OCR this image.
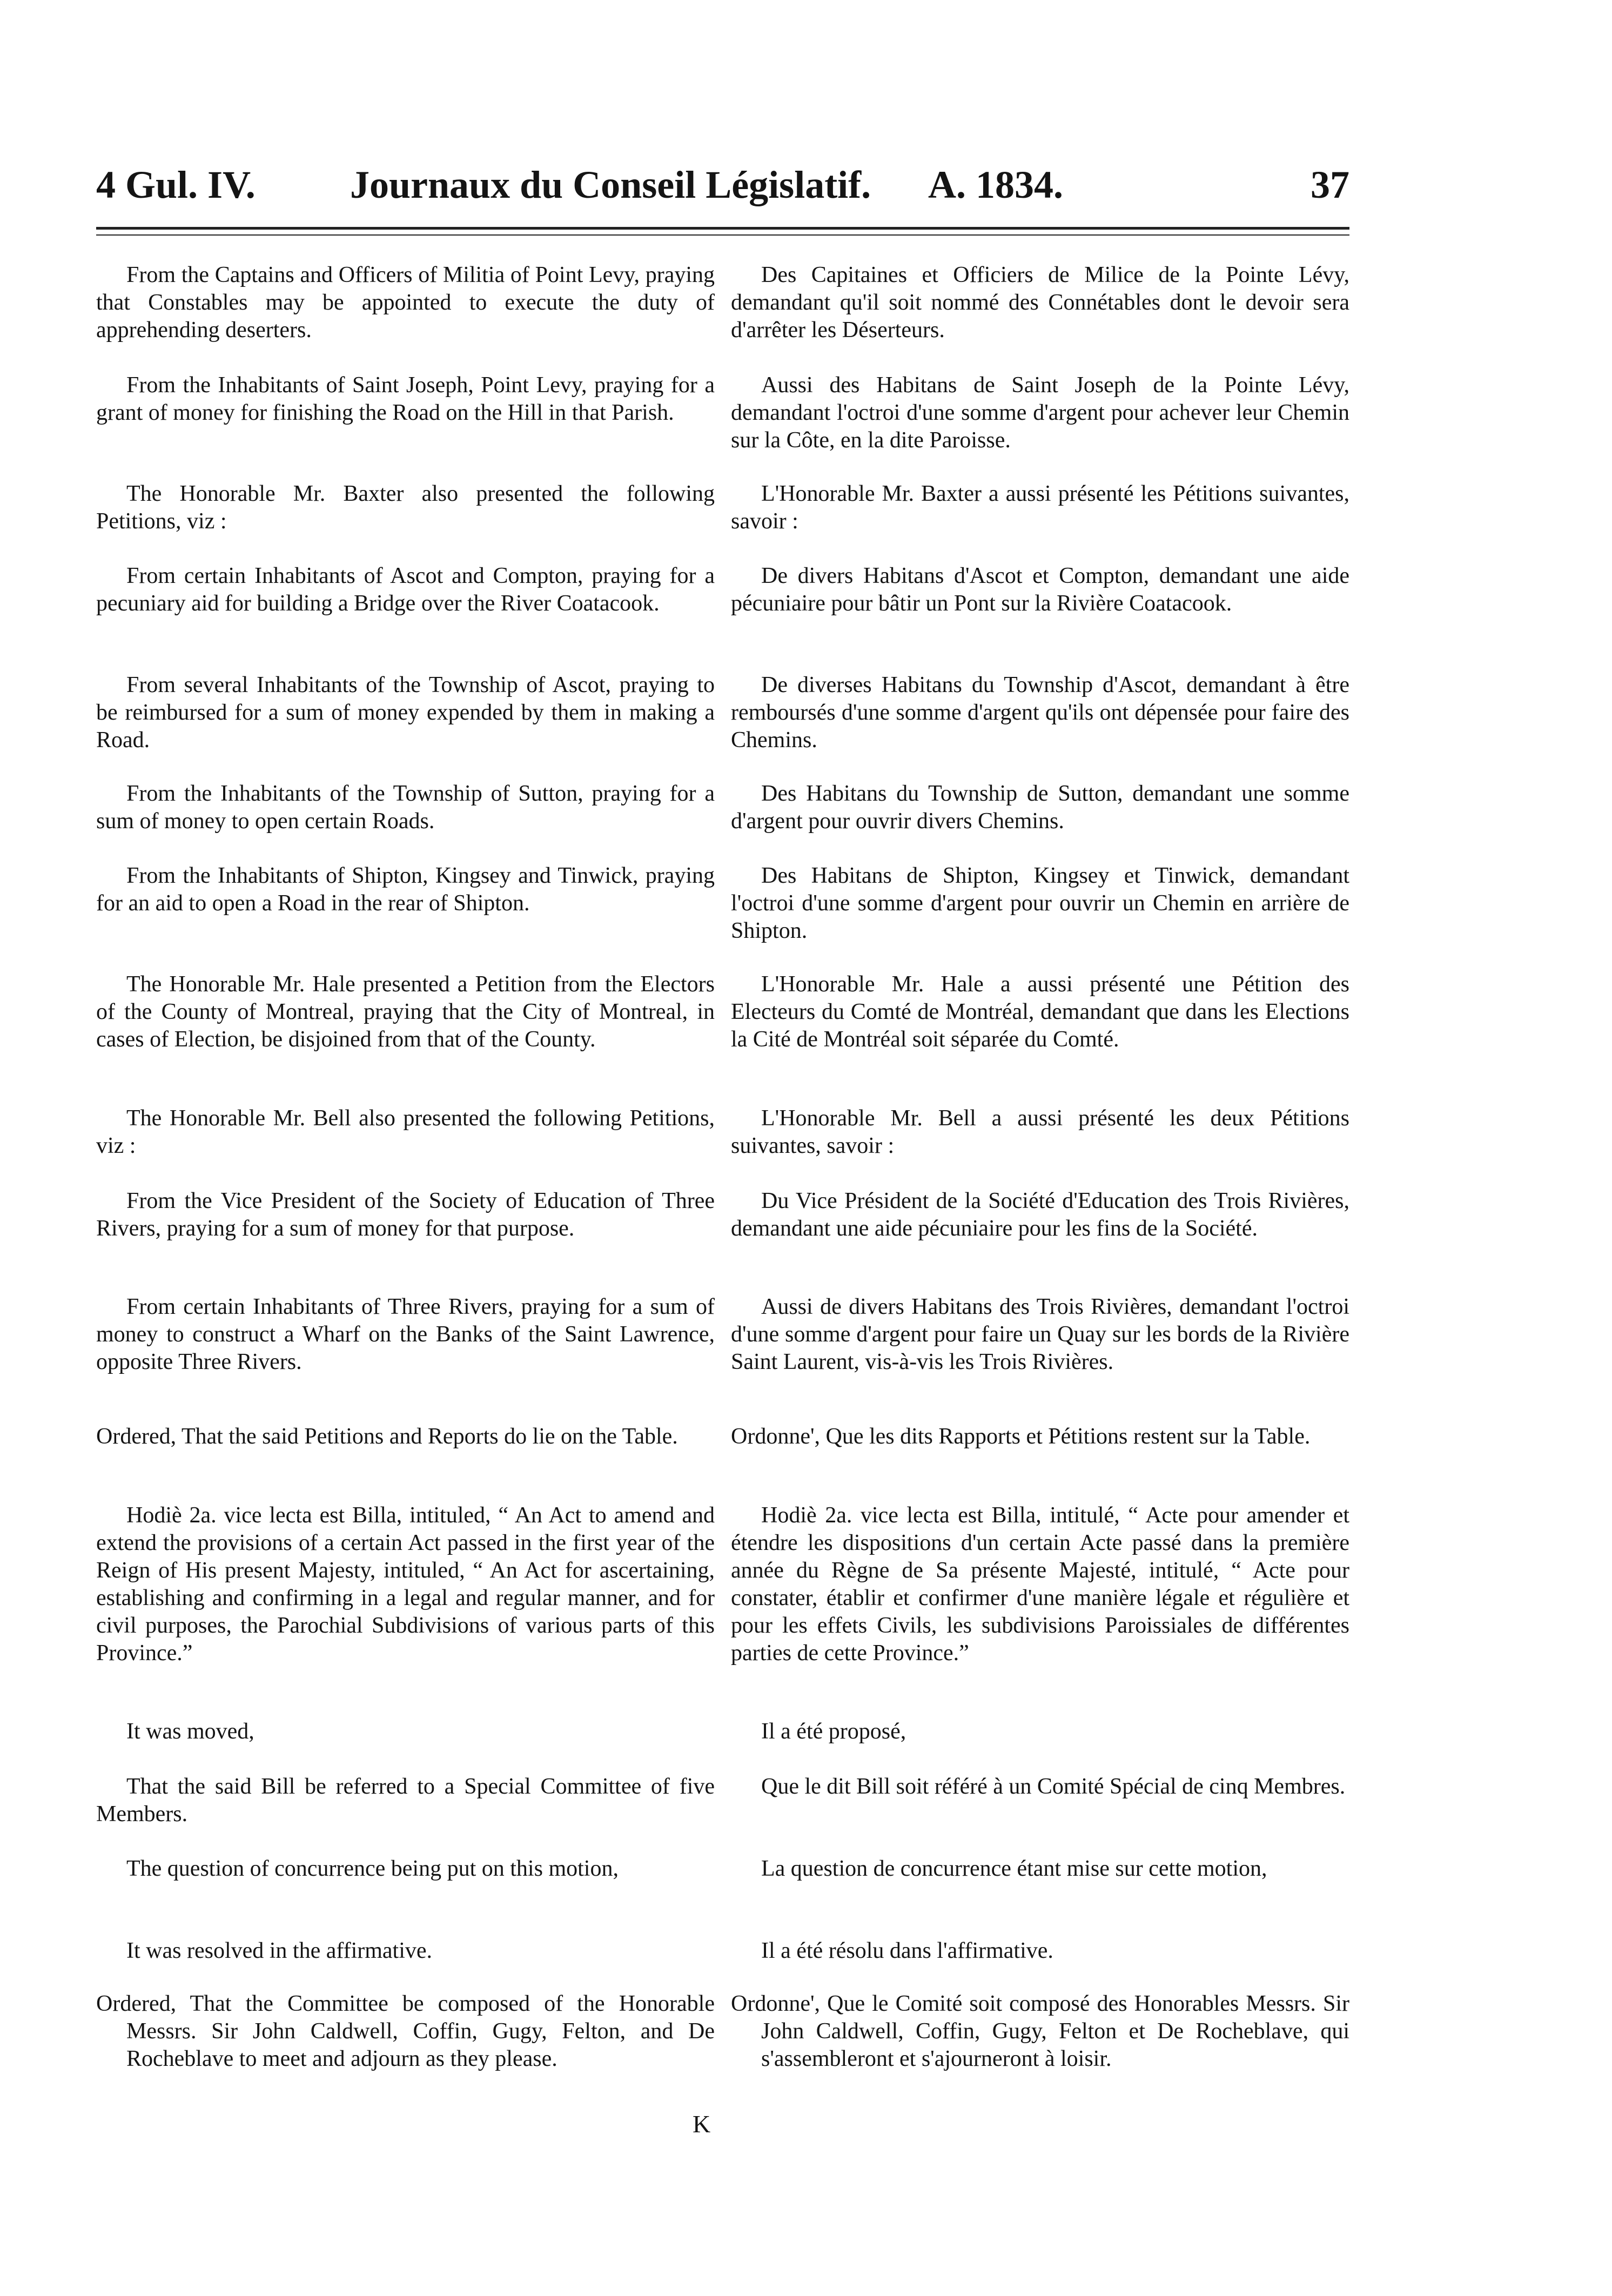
4 Gul. IV. Journaux du Conseil Législatif. A. 1834.	37

From the Captains and Officers of Militia of Point Levy, praying that Constables may be appointed to execute the duty of apprehending deserters.

From the Inhabitants of Saint Joseph, Point Levy, praying for a grant of money for finishing the Road on the Hill in that Parish.

The Honorable Mr. Baxter also presented the following Petitions, viz :

From certain Inhabitants of Ascot and Compton, praying for a pecuniary aid for building a Bridge over the River Coatacook.

From several Inhabitants of the Township of Ascot, praying to be reimbursed for a sum of money expended by them in making a Road.

From the Inhabitants of the Township of Sutton, praying for a sum of money to open certain Roads.

From the Inhabitants of Shipton, Kingsey and Tinwick, praying for an aid to open a Road in the rear of Shipton.

The Honorable Mr. Hale presented a Petition from the Electors of the County of Montreal, praying that the City of Montreal, in cases of Election, be disjoined from that of the County.

The Honorable Mr. Bell also presented the following Petitions, viz :

From the Vice President of the Society of Education of Three Rivers, praying for a sum of money for that purpose.

From certain Inhabitants of Three Rivers, praying for a sum of money to construct a Wharf on the Banks of the Saint Lawrence, opposite Three Rivers.

Ordered, That the said Petitions and Reports do lie on the Table.

Hodiè 2a. vice lecta est Billa, intituled, “ An Act to amend and extend the provisions of a certain Act passed in the first year of the Reign of His present Majesty, intituled, “ An Act for ascertaining, establishing and confirming in a legal and regular manner, and for civil purposes, the Parochial Subdivisions of various parts of this Province.”

It was moved,

That the said Bill be referred to a Special Committee of five Members.

The question of concurrence being put on this motion,

It was resolved in the affirmative.

Ordered, That the Committee be composed of the Honorable Messrs. Sir John Caldwell, Coffin, Gugy, Felton, and De Rocheblave to meet and adjourn as they please.

Des Capitaines et Officiers de Milice de la Pointe Lévy, demandant qu'il soit nommé des Connétables dont le devoir sera d'arrêter les Déserteurs.

Aussi des Habitans de Saint Joseph de la Pointe Lévy, demandant l'octroi d'une somme d'argent pour achever leur Chemin sur la Côte, en la dite Paroisse.

L'Honorable Mr. Baxter a aussi présenté les Pétitions suivantes, savoir :

De divers Habitans d'Ascot et Compton, demandant une aide pécuniaire pour bâtir un Pont sur la Rivière Coatacook.

De diverses Habitans du Township d'Ascot, demandant à être remboursés d'une somme d'argent qu'ils ont dépensée pour faire des Chemins.

Des Habitans du Township de Sutton, demandant une somme d'argent pour ouvrir divers Chemins.

Des Habitans de Shipton, Kingsey et Tinwick, demandant l'octroi d'une somme d'argent pour ouvrir un Chemin en arrière de Shipton.

L'Honorable Mr. Hale a aussi présenté une Pétition des Electeurs du Comté de Montréal, demandant que dans les Elections la Cité de Montréal soit séparée du Comté.

L'Honorable Mr. Bell a aussi présenté les deux Pétitions suivantes, savoir :

Du Vice Président de la Société d'Education des Trois Rivières, demandant une aide pécuniaire pour les fins de la Société.

Aussi de divers Habitans des Trois Rivières, demandant l'octroi d'une somme d'argent pour faire un Quay sur les bords de la Rivière Saint Laurent, vis-à-vis les Trois Rivières.

Ordonne', Que les dits Rapports et Pétitions restent sur la Table.

Hodiè 2a. vice lecta est Billa, intitulé, “ Acte pour amender et étendre les dispositions d'un certain Acte passé dans la première année du Règne de Sa présente Majesté, intitulé, “ Acte pour constater, établir et confirmer d'une manière légale et régulière et pour les effets Civils, les subdivisions Paroissiales de différentes parties de cette Province.”

Il a été proposé,

Que le dit Bill soit référé à un Comité Spécial de cinq Membres.

La question de concurrence étant mise sur cette motion,

Il a été résolu dans l'affirmative.

Ordonne', Que le Comité soit composé des Honorables Messrs. Sir John Caldwell, Coffin, Gugy, Felton et De Rocheblave, qui s'assembleront et s'ajourneront à loisir.

K
